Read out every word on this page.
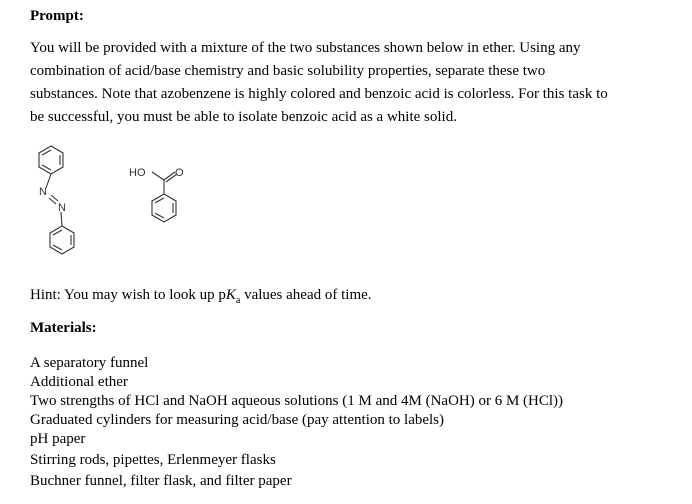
Prompt:
You will be provided with a mixture of the two substances shown below in ether. Using any
combination of acid/base chemistry and basic solubility properties, separate these two
substances. Note that azobenzene is highly colored and benzoic acid is colorless. For this task to
be successful, you must be able to isolate benzoic acid as a white solid.
N
N
HO	O
Hint: You may wish to look up $pK_a$ values ahead of time.
Materials:
A separatory funnel
Additional ether
Two strengths of HCl and NaOH aqueous solutions (1 M and 4M (NaOH) or 6 M (HCl))
Graduated cylinders for measuring acid/base (pay attention to labels)
pH paper
Stirring rods, pipettes, Erlenmeyer flasks
Buchner funnel, filter flask, and filter paper
